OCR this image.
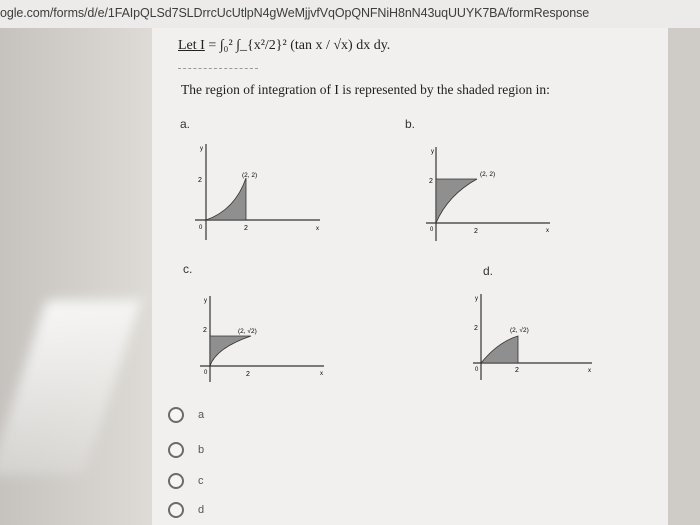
ogle.com/forms/d/e/1FAIpQLSd7SLDrrcUcUtlpN4gWeMjjvfVqOpQNFNiH8nN43uqUUYK7BA/formResponse
Let I = ∫₀² ∫_{x²/2}² (tan x / √x) dx dy.
The region of integration of I is represented by the shaded region in:
a.	b.
c.	d.
y
x
2
2
0
(2, 2)
y
x
2
2
0
(2, 2)
y
x
2
2
0
(2, √2)
y
x
2
2
0
(2, √2)
a
b
c
d
